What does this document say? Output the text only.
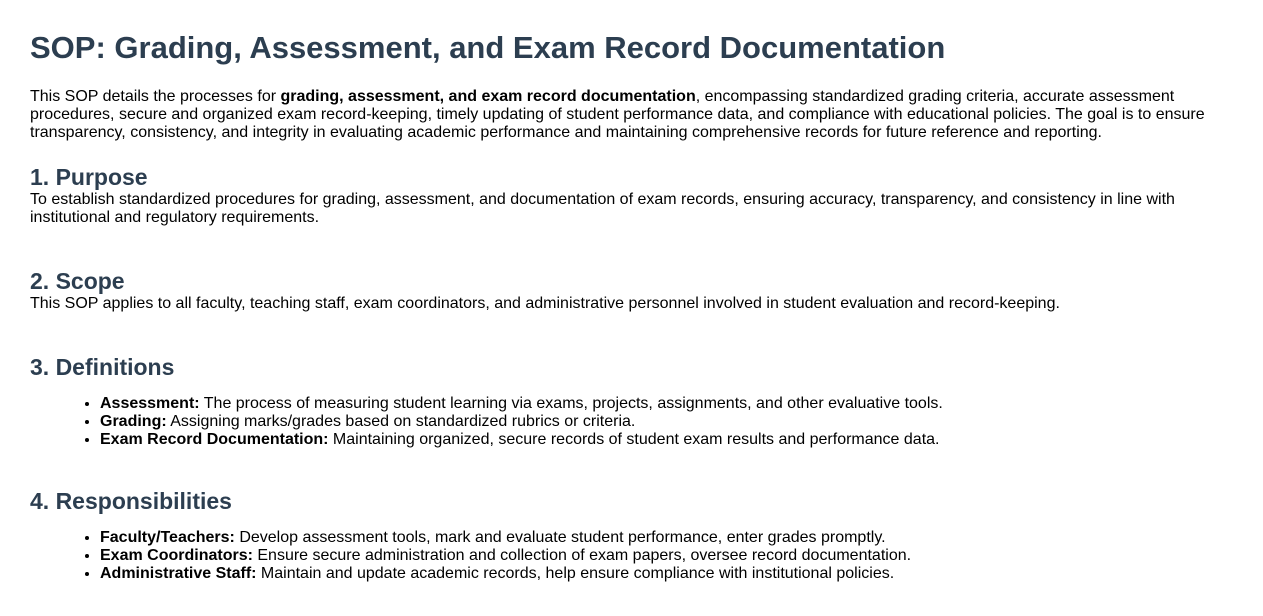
SOP: Grading, Assessment, and Exam Record Documentation

This SOP details the processes for grading, assessment, and exam record documentation, encompassing standardized grading criteria, accurate assessment procedures, secure and organized exam record-keeping, timely updating of student performance data, and compliance with educational policies. The goal is to ensure transparency, consistency, and integrity in evaluating academic performance and maintaining comprehensive records for future reference and reporting.

1. Purpose

To establish standardized procedures for grading, assessment, and documentation of exam records, ensuring accuracy, transparency, and consistency in line with institutional and regulatory requirements.

2. Scope

This SOP applies to all faculty, teaching staff, exam coordinators, and administrative personnel involved in student evaluation and record-keeping.

3. Definitions
• Assessment: The process of measuring student learning via exams, projects, assignments, and other evaluative tools.
• Grading: Assigning marks/grades based on standardized rubrics or criteria.
• Exam Record Documentation: Maintaining organized, secure records of student exam results and performance data.
4. Responsibilities
• Faculty/Teachers: Develop assessment tools, mark and evaluate student performance, enter grades promptly.
• Exam Coordinators: Ensure secure administration and collection of exam papers, oversee record documentation.
• Administrative Staff: Maintain and update academic records, help ensure compliance with institutional policies.
